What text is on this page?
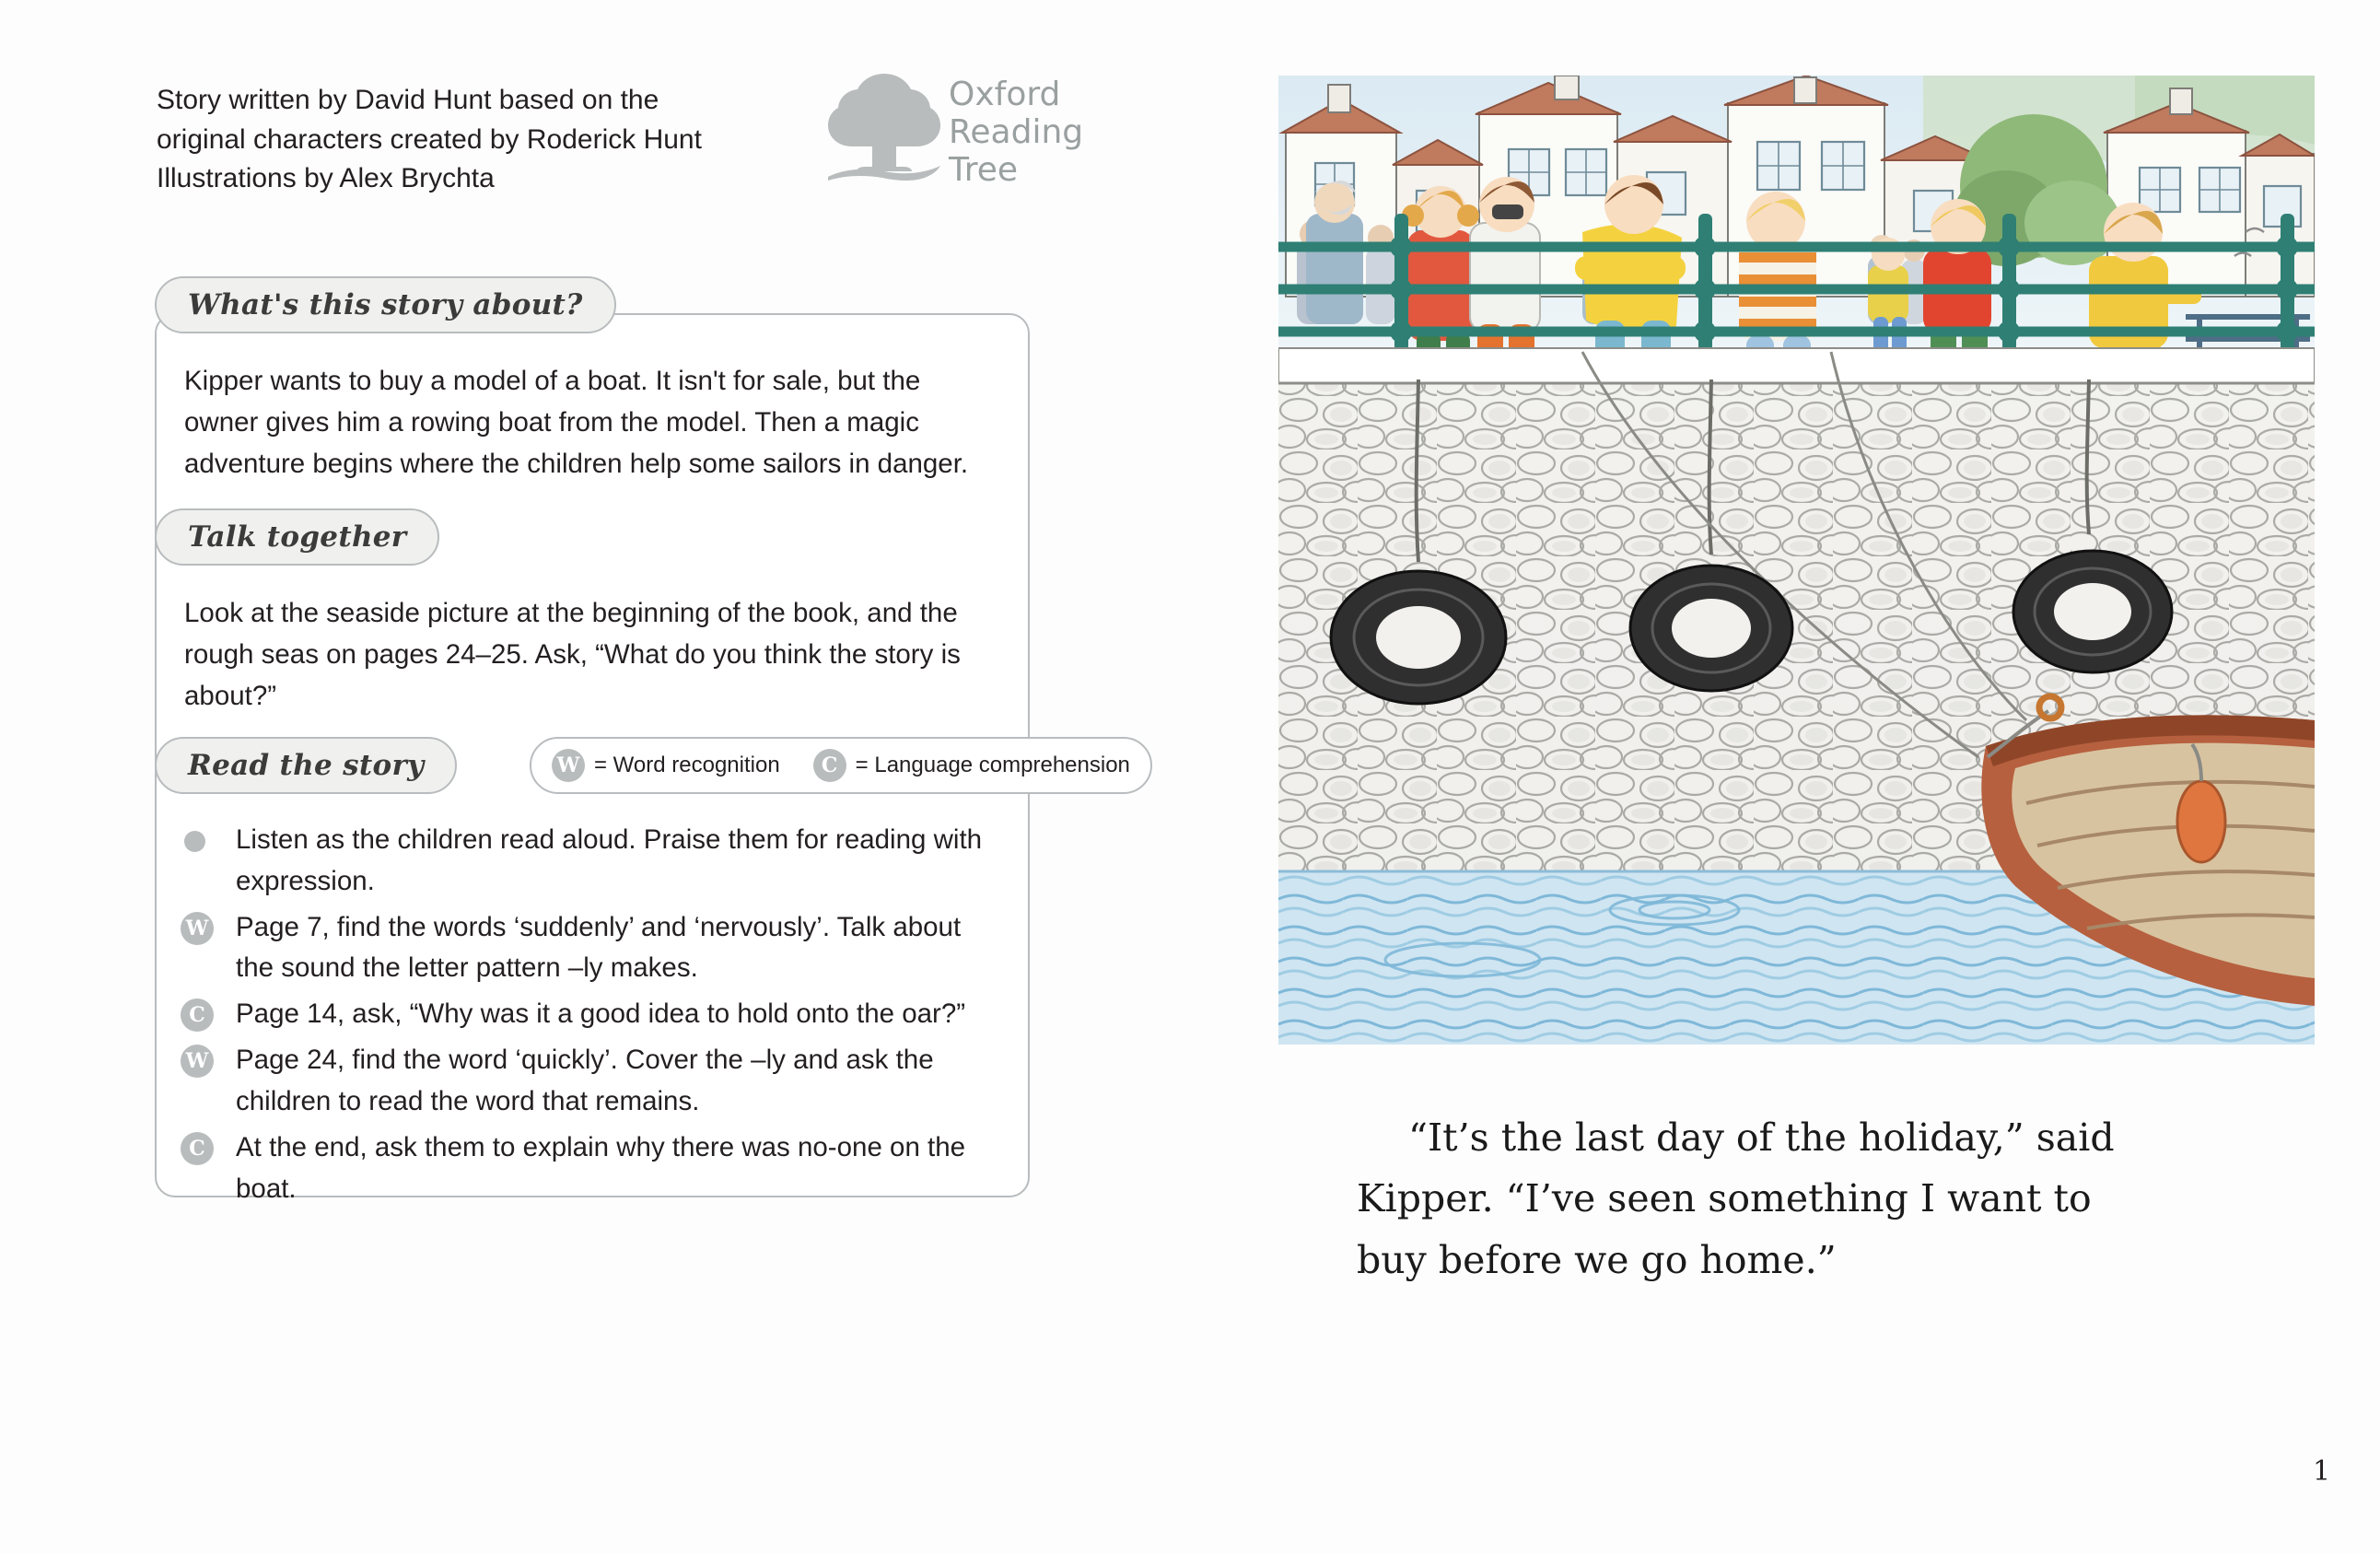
Story written by David Hunt based on the
original characters created by Roderick Hunt
Illustrations by Alex Brychta
Oxford
Reading
Tree
What's this story about?
Kipper wants to buy a model of a boat. It isn't for sale, but the owner gives him a rowing boat from the model. Then a magic adventure begins where the children help some sailors in danger.
Talk together
Look at the seaside picture at the beginning of the book, and the rough seas on pages 24–25. Ask, “What do you think the story is about?”
Read the story	W = Word recognition	C = Language comprehension
Listen as the children read aloud. Praise them for reading with expression.
W Page 7, find the words ‘suddenly’ and ‘nervously’. Talk about the sound the letter pattern –ly makes.
C	Page 14, ask, “Why was it a good idea to hold onto the oar?”
W Page 24, find the word ‘quickly’. Cover the –ly and ask the children to read the word that remains.
C	At the end, ask them to explain why there was no-one on the boat.
“It’s the last day of the holiday,” said
Kipper. “I’ve seen something I want to
buy before we go home.”
1
